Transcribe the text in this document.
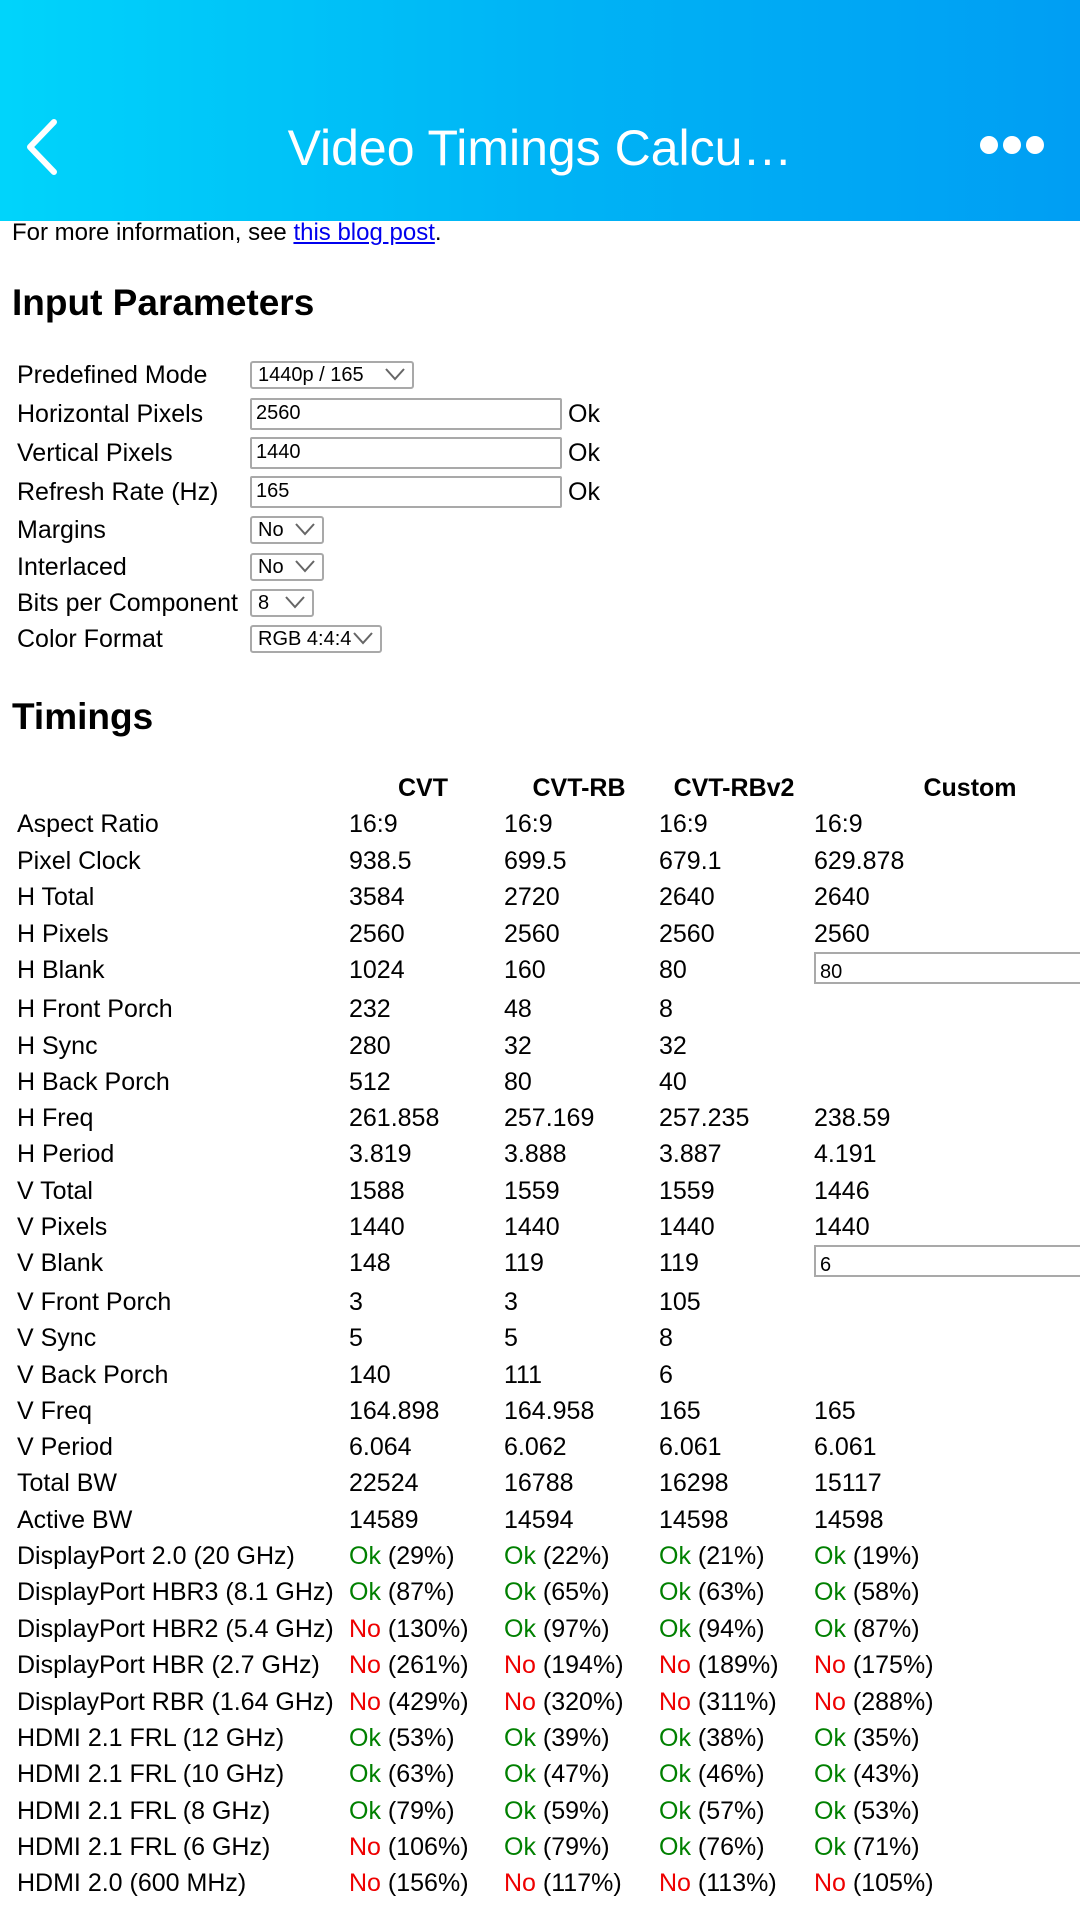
Video Timings Calcu…
For more information, see this blog post.
Input Parameters
Predefined Mode	1440p / 165
Horizontal Pixels	2560	Ok
Vertical Pixels	1440	Ok
Refresh Rate (Hz)	165	Ok
Margins	No
Interlaced	No
Bits per Component	8
Color Format	RGB 4:4:4
Timings
CVT	CVT-RB	CVT-RBv2	Custom
Aspect Ratio	16:9	16:9	16:9	16:9
Pixel Clock	938.5	699.5	679.1	629.878
H Total	3584	2720	2640	2640
H Pixels	2560	2560	2560	2560
H Blank	1024	160	80	80
H Front Porch	232	48	8
H Sync	280	32	32
H Back Porch	512	80	40
H Freq	261.858	257.169	257.235	238.59
H Period	3.819	3.888	3.887	4.191
V Total	1588	1559	1559	1446
V Pixels	1440	1440	1440	1440
V Blank	148	119	119	6
V Front Porch	3	3	105
V Sync	5	5	8
V Back Porch	140	111	6
V Freq	164.898	164.958	165	165
V Period	6.064	6.062	6.061	6.061
Total BW	22524	16788	16298	15117
Active BW	14589	14594	14598	14598
DisplayPort 2.0 (20 GHz) Ok (29%) Ok (22%) Ok (21%) Ok (19%)
DisplayPort HBR3 (8.1 GHz) Ok (87%) Ok (65%) Ok (63%) Ok (58%)
DisplayPort HBR2 (5.4 GHz) No (130%) Ok (97%) Ok (94%) Ok (87%)
DisplayPort HBR (2.7 GHz) No (261%) No (194%) No (189%) No (175%)
DisplayPort RBR (1.64 GHz) No (429%) No (320%) No (311%) No (288%)
HDMI 2.1 FRL (12 GHz)	Ok (53%) Ok (39%) Ok (38%) Ok (35%)
HDMI 2.1 FRL (10 GHz)	Ok (63%) Ok (47%) Ok (46%) Ok (43%)
HDMI 2.1 FRL (8 GHz)	Ok (79%) Ok (59%) Ok (57%) Ok (53%)
HDMI 2.1 FRL (6 GHz)	No (106%) Ok (79%) Ok (76%) Ok (71%)
HDMI 2.0 (600 MHz)	No (156%) No (117%) No (113%) No (105%)
